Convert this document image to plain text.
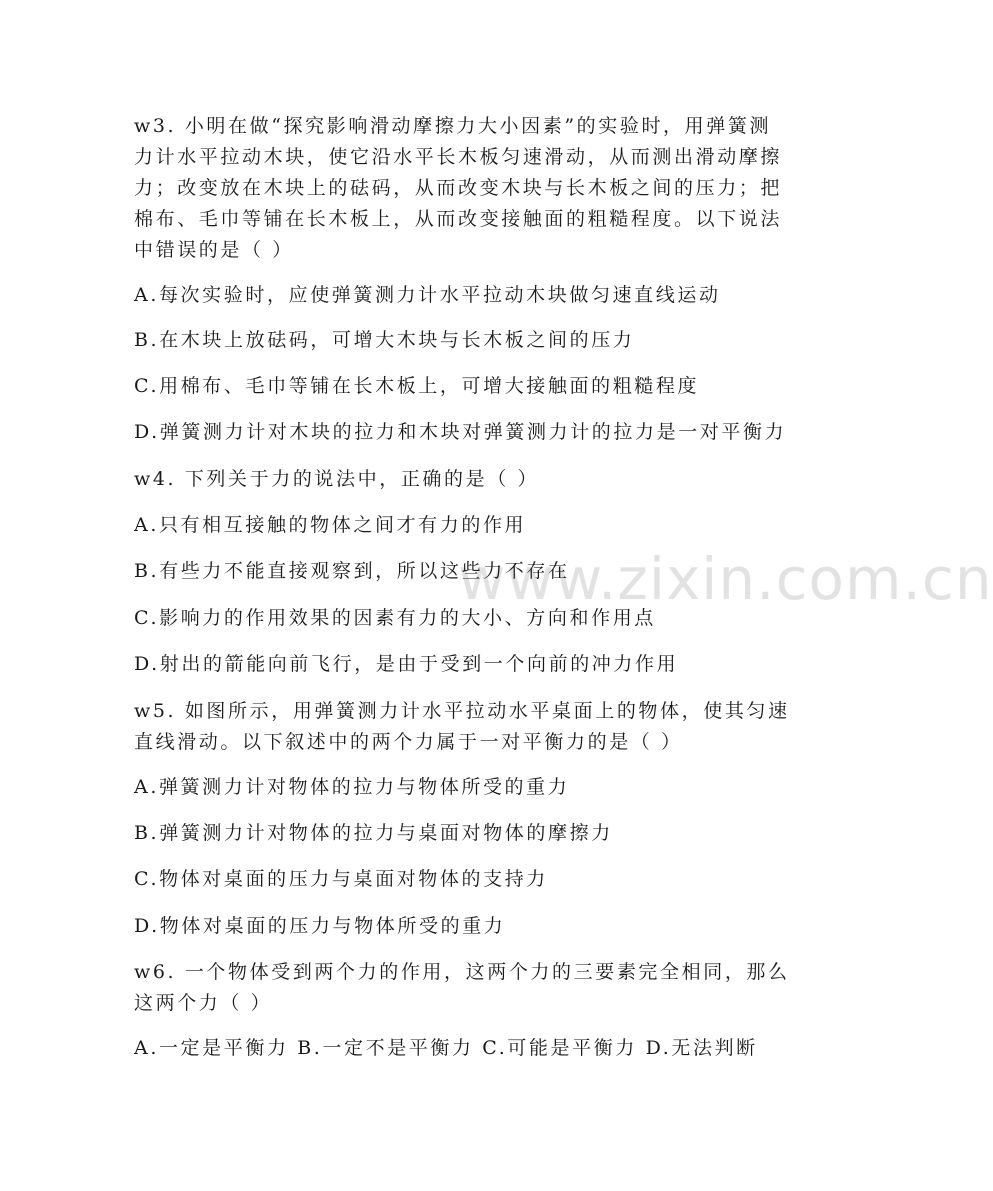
www.zixin.com.cn
w3. 小明在做“探究影响滑动摩擦力大小因素”的实验时，用弹簧测
力计水平拉动木块，使它沿水平长木板匀速滑动，从而测出滑动摩擦
力；改变放在木块上的砝码，从而改变木块与长木板之间的压力；把
棉布、毛巾等铺在长木板上，从而改变接触面的粗糙程度。以下说法
中错误的是（ ）
A.每次实验时，应使弹簧测力计水平拉动木块做匀速直线运动
B.在木块上放砝码，可增大木块与长木板之间的压力
C.用棉布、毛巾等铺在长木板上，可增大接触面的粗糙程度
D.弹簧测力计对木块的拉力和木块对弹簧测力计的拉力是一对平衡力
w4. 下列关于力的说法中，正确的是（ ）
A.只有相互接触的物体之间才有力的作用
B.有些力不能直接观察到，所以这些力不存在
C.影响力的作用效果的因素有力的大小、方向和作用点
D.射出的箭能向前飞行，是由于受到一个向前的冲力作用
w5. 如图所示，用弹簧测力计水平拉动水平桌面上的物体，使其匀速
直线滑动。以下叙述中的两个力属于一对平衡力的是（ ）
A.弹簧测力计对物体的拉力与物体所受的重力
B.弹簧测力计对物体的拉力与桌面对物体的摩擦力
C.物体对桌面的压力与桌面对物体的支持力
D.物体对桌面的压力与物体所受的重力
w6. 一个物体受到两个力的作用，这两个力的三要素完全相同，那么
这两个力（ ）
A.一定是平衡力 B.一定不是平衡力 C.可能是平衡力 D.无法判断
